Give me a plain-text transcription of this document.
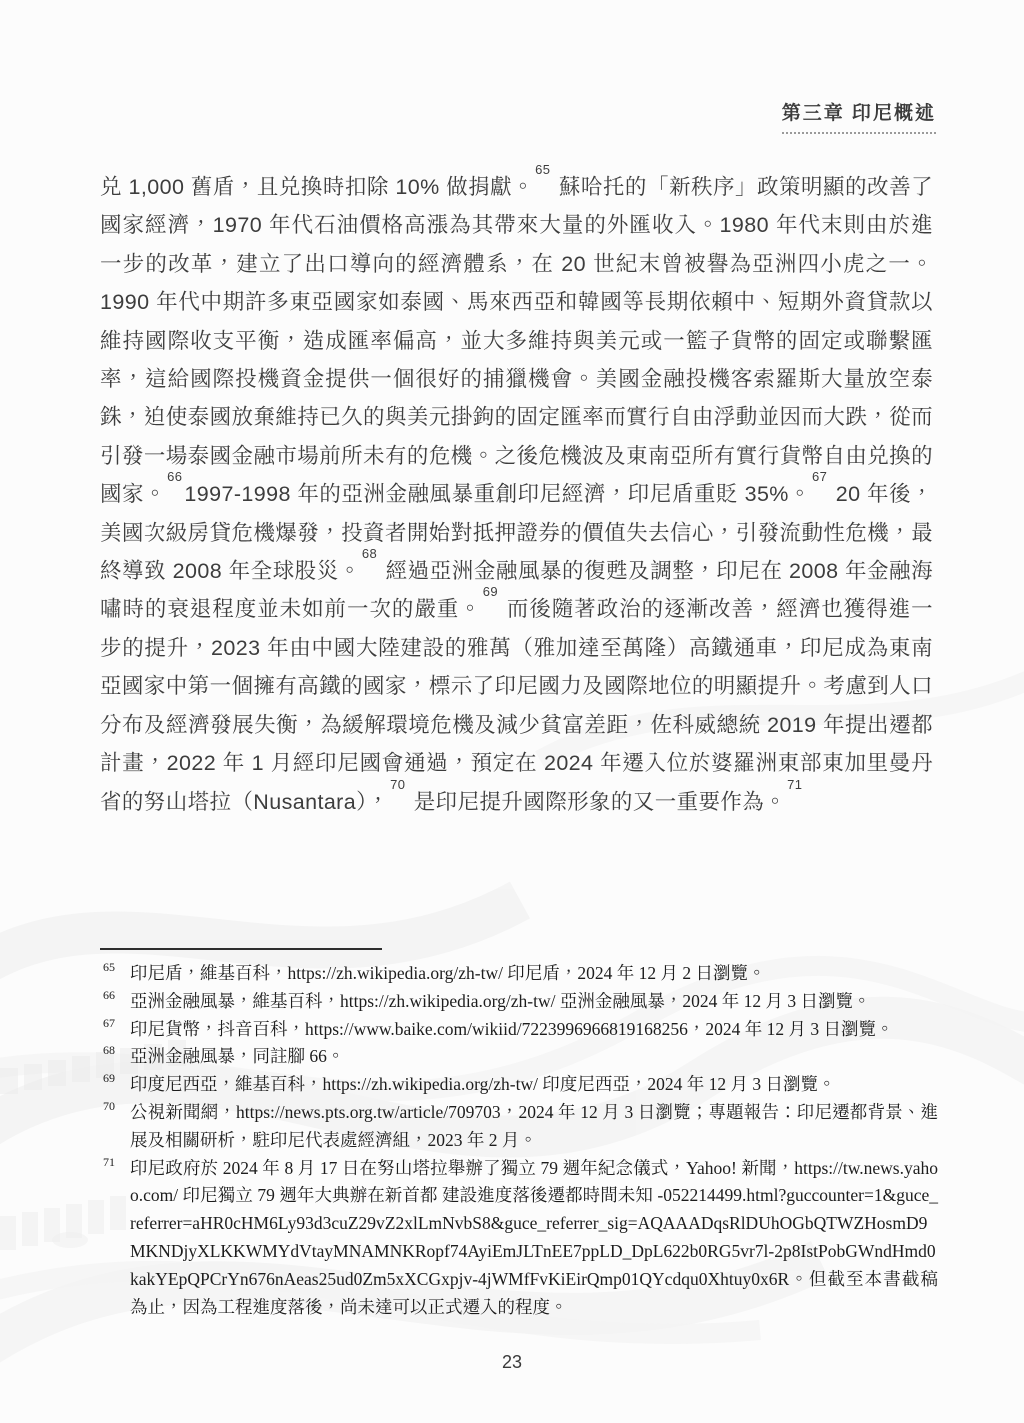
第三章 印尼概述

兑 1,000 舊盾，且兑換時扣除 10% 做捐獻。$^{65}$ 蘇哈托的「新秩序」政策明顯的改善了國家經濟，1970 年代石油價格高漲為其帶來大量的外匯收入。1980 年代末則由於進一步的改革，建立了出口導向的經濟體系，在 20 世紀末曾被譽為亞洲四小虎之一。1990 年代中期許多東亞國家如泰國、馬來西亞和韓國等長期依賴中、短期外資貸款以維持國際收支平衡，造成匯率偏高，並大多維持與美元或一籃子貨幣的固定或聯繫匯率，這給國際投機資金提供一個很好的捕獵機會。美國金融投機客索羅斯大量放空泰銖，迫使泰國放棄維持已久的與美元掛鉤的固定匯率而實行自由浮動並因而大跌，從而引發一場泰國金融市場前所未有的危機。之後危機波及東南亞所有實行貨幣自由兑換的國家。$^{66}$1997-1998 年的亞洲金融風暴重創印尼經濟，印尼盾重貶 35%。$^{67}$ 20 年後，美國次級房貸危機爆發，投資者開始對抵押證券的價值失去信心，引發流動性危機，最終導致 2008 年全球股災。$^{68}$ 經過亞洲金融風暴的復甦及調整，印尼在 2008 年金融海嘯時的衰退程度並未如前一次的嚴重。$^{69}$ 而後隨著政治的逐漸改善，經濟也獲得進一步的提升，2023 年由中國大陸建設的雅萬（雅加達至萬隆）高鐵通車，印尼成為東南亞國家中第一個擁有高鐵的國家，標示了印尼國力及國際地位的明顯提升。考慮到人口分布及經濟發展失衡，為緩解環境危機及減少貧富差距，佐科威總統 2019 年提出遷都計畫，2022 年 1 月經印尼國會通過，預定在 2024 年遷入位於婆羅洲東部東加里曼丹省的努山塔拉（Nusantara），$^{70}$ 是印尼提升國際形象的又一重要作為。$^{71}$

65 印尼盾，維基百科，https://zh.wikipedia.org/zh-tw/ 印尼盾，2024 年 12 月 2 日瀏覽。
66 亞洲金融風暴，維基百科，https://zh.wikipedia.org/zh-tw/ 亞洲金融風暴，2024 年 12 月 3 日瀏覽。
67 印尼貨幣，抖音百科，https://www.baike.com/wikiid/7223996966819168256，2024 年 12 月 3 日瀏覽。
68 亞洲金融風暴，同註腳 66。
69 印度尼西亞，維基百科，https://zh.wikipedia.org/zh-tw/ 印度尼西亞，2024 年 12 月 3 日瀏覽。
70 公視新聞網，https://news.pts.org.tw/article/709703，2024 年 12 月 3 日瀏覽；專題報告：印尼遷都背景、進展及相關研析，駐印尼代表處經濟組，2023 年 2 月。
71 印尼政府於 2024 年 8 月 17 日在努山塔拉舉辦了獨立 79 週年紀念儀式，Yahoo! 新聞，https://tw.news.yahoo.com/ 印尼獨立 79 週年大典辦在新首都 建設進度落後遷都時間未知 -052214499.html?guccounter=1&guce_referrer=aHR0cHM6Ly93d3cuZ29vZ2xlLmNvbS8&guce_referrer_sig=AQAAADqsRlDUhOGbQTWZHosmD9MKNDjyXLKKWMYdVtayMNAMNKRopf74AyiEmJLTnEE7ppLD_DpL622b0RG5vr7l-2p8IstPobGWndHmd0kakYEpQPCrYn676nAeas25ud0Zm5xXCGxpjv-4jWMfFvKiEirQmp01QYcdqu0Xhtuy0x6R。但截至本書截稿為止，因為工程進度落後，尚未達可以正式遷入的程度。
23
